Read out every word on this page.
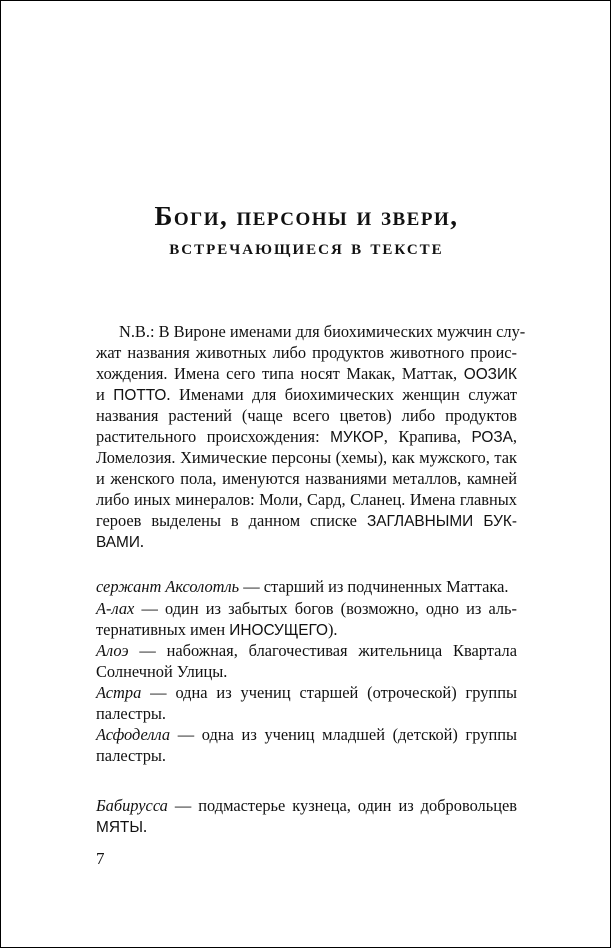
Боги, персоны и звери,
встречающиеся в тексте
N.B.: В Вироне именами для биохимических мужчин слу-
жат названия животных либо продуктов животного проис-
хождения. Имена сего типа носят Макак, Маттак, ООЗИК
и ПОТТО. Именами для биохимических женщин служат
названия растений (чаще всего цветов) либо продуктов
растительного происхождения: МУКОР, Крапива, РОЗА,
Ломелозия. Химические персоны (хемы), как мужского, так
и женского пола, именуются названиями металлов, камней
либо иных минералов: Моли, Сард, Сланец. Имена главных
героев выделены в данном списке ЗАГЛАВНЫМИ БУК-
ВАМИ.
сержант Аксолотль — старший из подчиненных Маттака.
А-лах — один из забытых богов (возможно, одно из аль-
тернативных имен ИНОСУЩЕГО).
Алоэ — набожная, благочестивая жительница Квартала
Солнечной Улицы.
Астра — одна из учениц старшей (отроческой) группы
палестры.
Асфоделла — одна из учениц младшей (детской) группы
палестры.
Бабирусса — подмастерье кузнеца, один из добровольцев
МЯТЫ.
7
